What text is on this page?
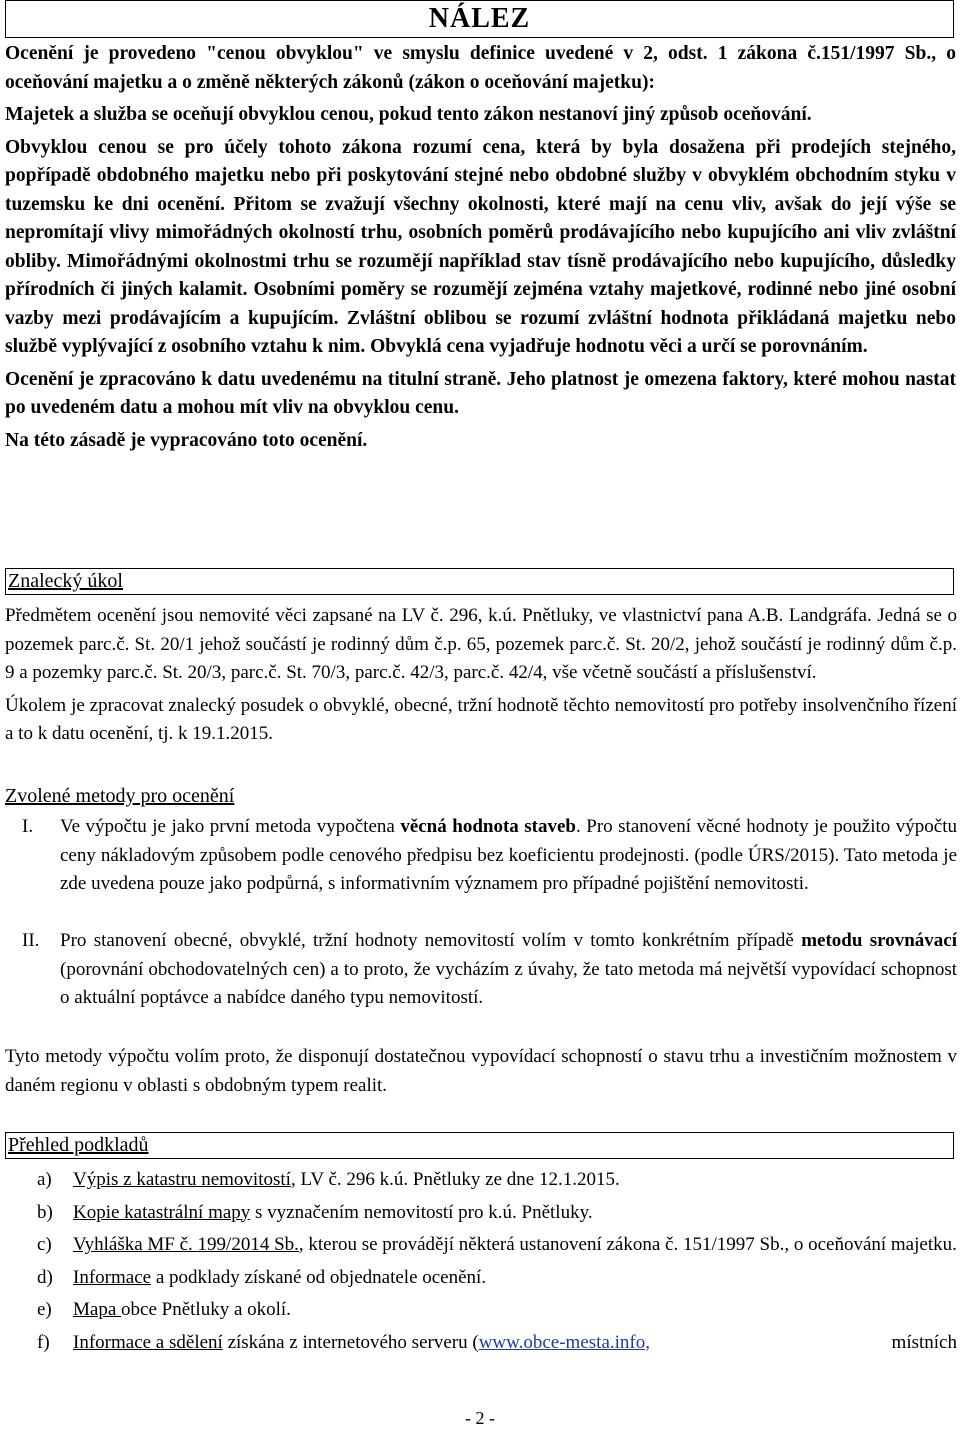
NÁLEZ

Ocenění je provedeno "cenou obvyklou" ve smyslu definice uvedené v 2, odst. 1 zákona č.151/1997 Sb., o oceňování majetku a o změně některých zákonů (zákon o oceňování majetku):

Majetek a služba se oceňují obvyklou cenou, pokud tento zákon nestanoví jiný způsob oceňování.

Obvyklou cenou se pro účely tohoto zákona rozumí cena, která by byla dosažena při prodejích stejného, popřípadě obdobného majetku nebo při poskytování stejné nebo obdobné služby v obvyklém obchodním styku v tuzemsku ke dni ocenění. Přitom se zvažují všechny okolnosti, které mají na cenu vliv, avšak do její výše se nepromítají vlivy mimořádných okolností trhu, osobních poměrů prodávajícího nebo kupujícího ani vliv zvláštní obliby. Mimořádnými okolnostmi trhu se rozumějí například stav tísně prodávajícího nebo kupujícího, důsledky přírodních či jiných kalamit. Osobními poměry se rozumějí zejména vztahy majetkové, rodinné nebo jiné osobní vazby mezi prodávajícím a kupujícím. Zvláštní oblibou se rozumí zvláštní hodnota přikládaná majetku nebo službě vyplývající z osobního vztahu k nim. Obvyklá cena vyjadřuje hodnotu věci a určí se porovnáním.

Ocenění je zpracováno k datu uvedenému na titulní straně. Jeho platnost je omezena faktory, které mohou nastat po uvedeném datu a mohou mít vliv na obvyklou cenu.

Na této zásadě je vypracováno toto ocenění.

Znalecký úkol

Předmětem ocenění jsou nemovité věci zapsané na LV č. 296, k.ú. Pnětluky, ve vlastnictví pana A.B. Landgráfa. Jedná se o pozemek parc.č. St. 20/1 jehož součástí je rodinný dům č.p. 65, pozemek parc.č. St. 20/2, jehož součástí je rodinný dům č.p. 9 a pozemky parc.č. St. 20/3, parc.č. St. 70/3, parc.č. 42/3, parc.č. 42/4, vše včetně součástí a příslušenství.

Úkolem je zpracovat znalecký posudek o obvyklé, obecné, tržní hodnotě těchto nemovitostí pro potřeby insolvenčního řízení a to k datu ocenění, tj. k 19.1.2015.

Zvolené metody pro ocenění
I. Ve výpočtu je jako první metoda vypočtena věcná hodnota staveb. Pro stanovení věcné hodnoty je použito výpočtu ceny nákladovým způsobem podle cenového předpisu bez koeficientu prodejnosti. (podle ÚRS/2015). Tato metoda je zde uvedena pouze jako podpůrná, s informativním významem pro případné pojištění nemovitosti.
II. Pro stanovení obecné, obvyklé, tržní hodnoty nemovitostí volím v tomto konkrétním případě metodu srovnávací (porovnání obchodovatelných cen) a to proto, že vycházím z úvahy, že tato metoda má největší vypovídací schopnost o aktuální poptávce a nabídce daného typu nemovitostí.

Tyto metody výpočtu volím proto, že disponují dostatečnou vypovídací schopností o stavu trhu a investičním možnostem v daném regionu v oblasti s obdobným typem realit.

Přehled podkladů
a) Výpis z katastru nemovitostí, LV č. 296 k.ú. Pnětluky ze dne 12.1.2015.
b) Kopie katastrální mapy s vyznačením nemovitostí pro k.ú. Pnětluky.
c) Vyhláška MF č. 199/2014 Sb., kterou se provádějí některá ustanovení zákona č. 151/1997 Sb., o oceňování majetku.
d) Informace a podklady získané od objednatele ocenění.
e) Mapa obce Pnětluky a okolí.
f) Informace a sdělení získána z internetového serveru (www.obce-mesta.info,	místních
- 2 -
